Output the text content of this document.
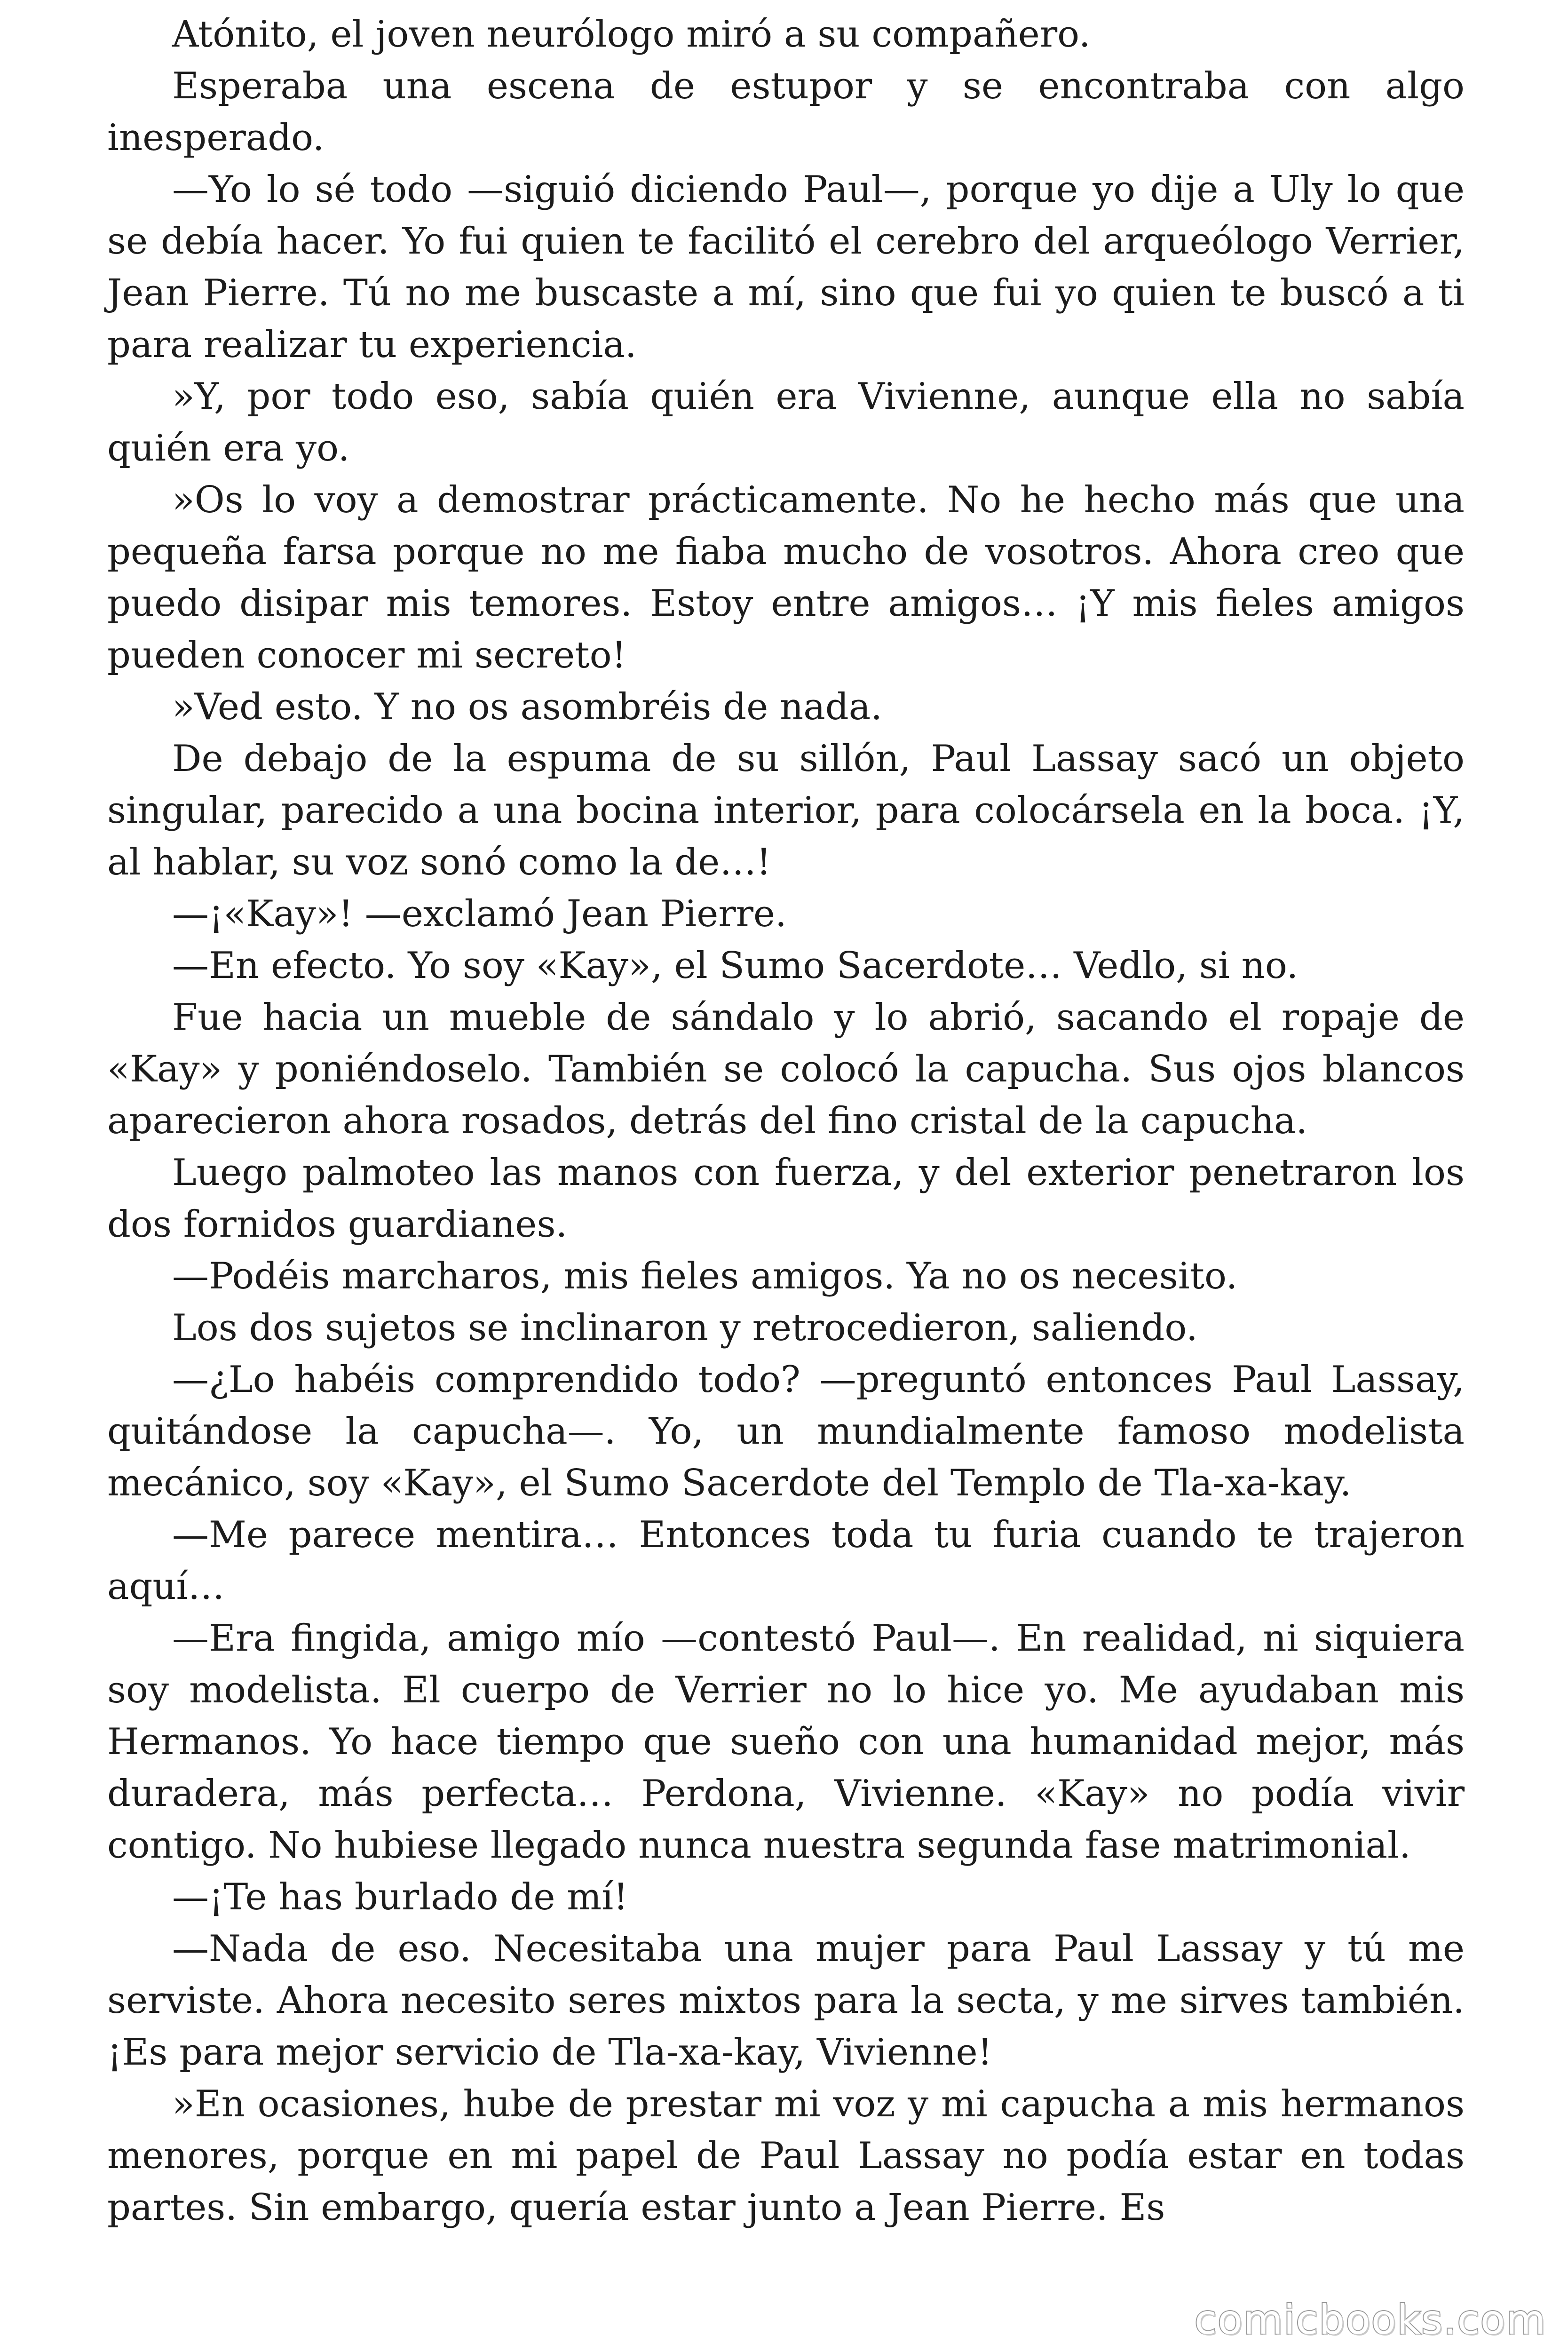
Atónito, el joven neurólogo miró a su compañero.

Esperaba una escena de estupor y se encontraba con algo inesperado.

—Yo lo sé todo —siguió diciendo Paul—, porque yo dije a Uly lo que se debía hacer. Yo fui quien te facilitó el cerebro del arqueólogo Verrier, Jean Pierre. Tú no me buscaste a mí, sino que fui yo quien te buscó a ti para realizar tu experiencia.

»Y, por todo eso, sabía quién era Vivienne, aunque ella no sabía quién era yo.

»Os lo voy a demostrar prácticamente. No he hecho más que una pequeña farsa porque no me fiaba mucho de vosotros. Ahora creo que puedo disipar mis temores. Estoy entre amigos… ¡Y mis fieles amigos pueden conocer mi secreto!

»Ved esto. Y no os asombréis de nada.

De debajo de la espuma de su sillón, Paul Lassay sacó un objeto singular, parecido a una bocina interior, para colocársela en la boca. ¡Y, al hablar, su voz sonó como la de…!

—¡«Kay»! —exclamó Jean Pierre.

—En efecto. Yo soy «Kay», el Sumo Sacerdote… Vedlo, si no.

Fue hacia un mueble de sándalo y lo abrió, sacando el ropaje de «Kay» y poniéndoselo. También se colocó la capucha. Sus ojos blancos aparecieron ahora rosados, detrás del fino cristal de la capucha.

Luego palmoteo las manos con fuerza, y del exterior penetraron los dos fornidos guardianes.

—Podéis marcharos, mis fieles amigos. Ya no os necesito.

Los dos sujetos se inclinaron y retrocedieron, saliendo.

—¿Lo habéis comprendido todo? —preguntó entonces Paul Lassay, quitándose la capucha—. Yo, un mundialmente famoso modelista mecánico, soy «Kay», el Sumo Sacerdote del Templo de Tla-xa-kay.

—Me parece mentira… Entonces toda tu furia cuando te trajeron aquí…

—Era fingida, amigo mío —contestó Paul—. En realidad, ni siquiera soy modelista. El cuerpo de Verrier no lo hice yo. Me ayudaban mis Hermanos. Yo hace tiempo que sueño con una humanidad mejor, más duradera, más perfecta… Perdona, Vivienne. «Kay» no podía vivir contigo. No hubiese llegado nunca nuestra segunda fase matrimonial.

—¡Te has burlado de mí!

—Nada de eso. Necesitaba una mujer para Paul Lassay y tú me serviste. Ahora necesito seres mixtos para la secta, y me sirves también. ¡Es para mejor servicio de Tla-xa-kay, Vivienne!

»En ocasiones, hube de prestar mi voz y mi capucha a mis hermanos menores, porque en mi papel de Paul Lassay no podía estar en todas partes. Sin embargo, quería estar junto a Jean Pierre. Es

comicbooks.com
